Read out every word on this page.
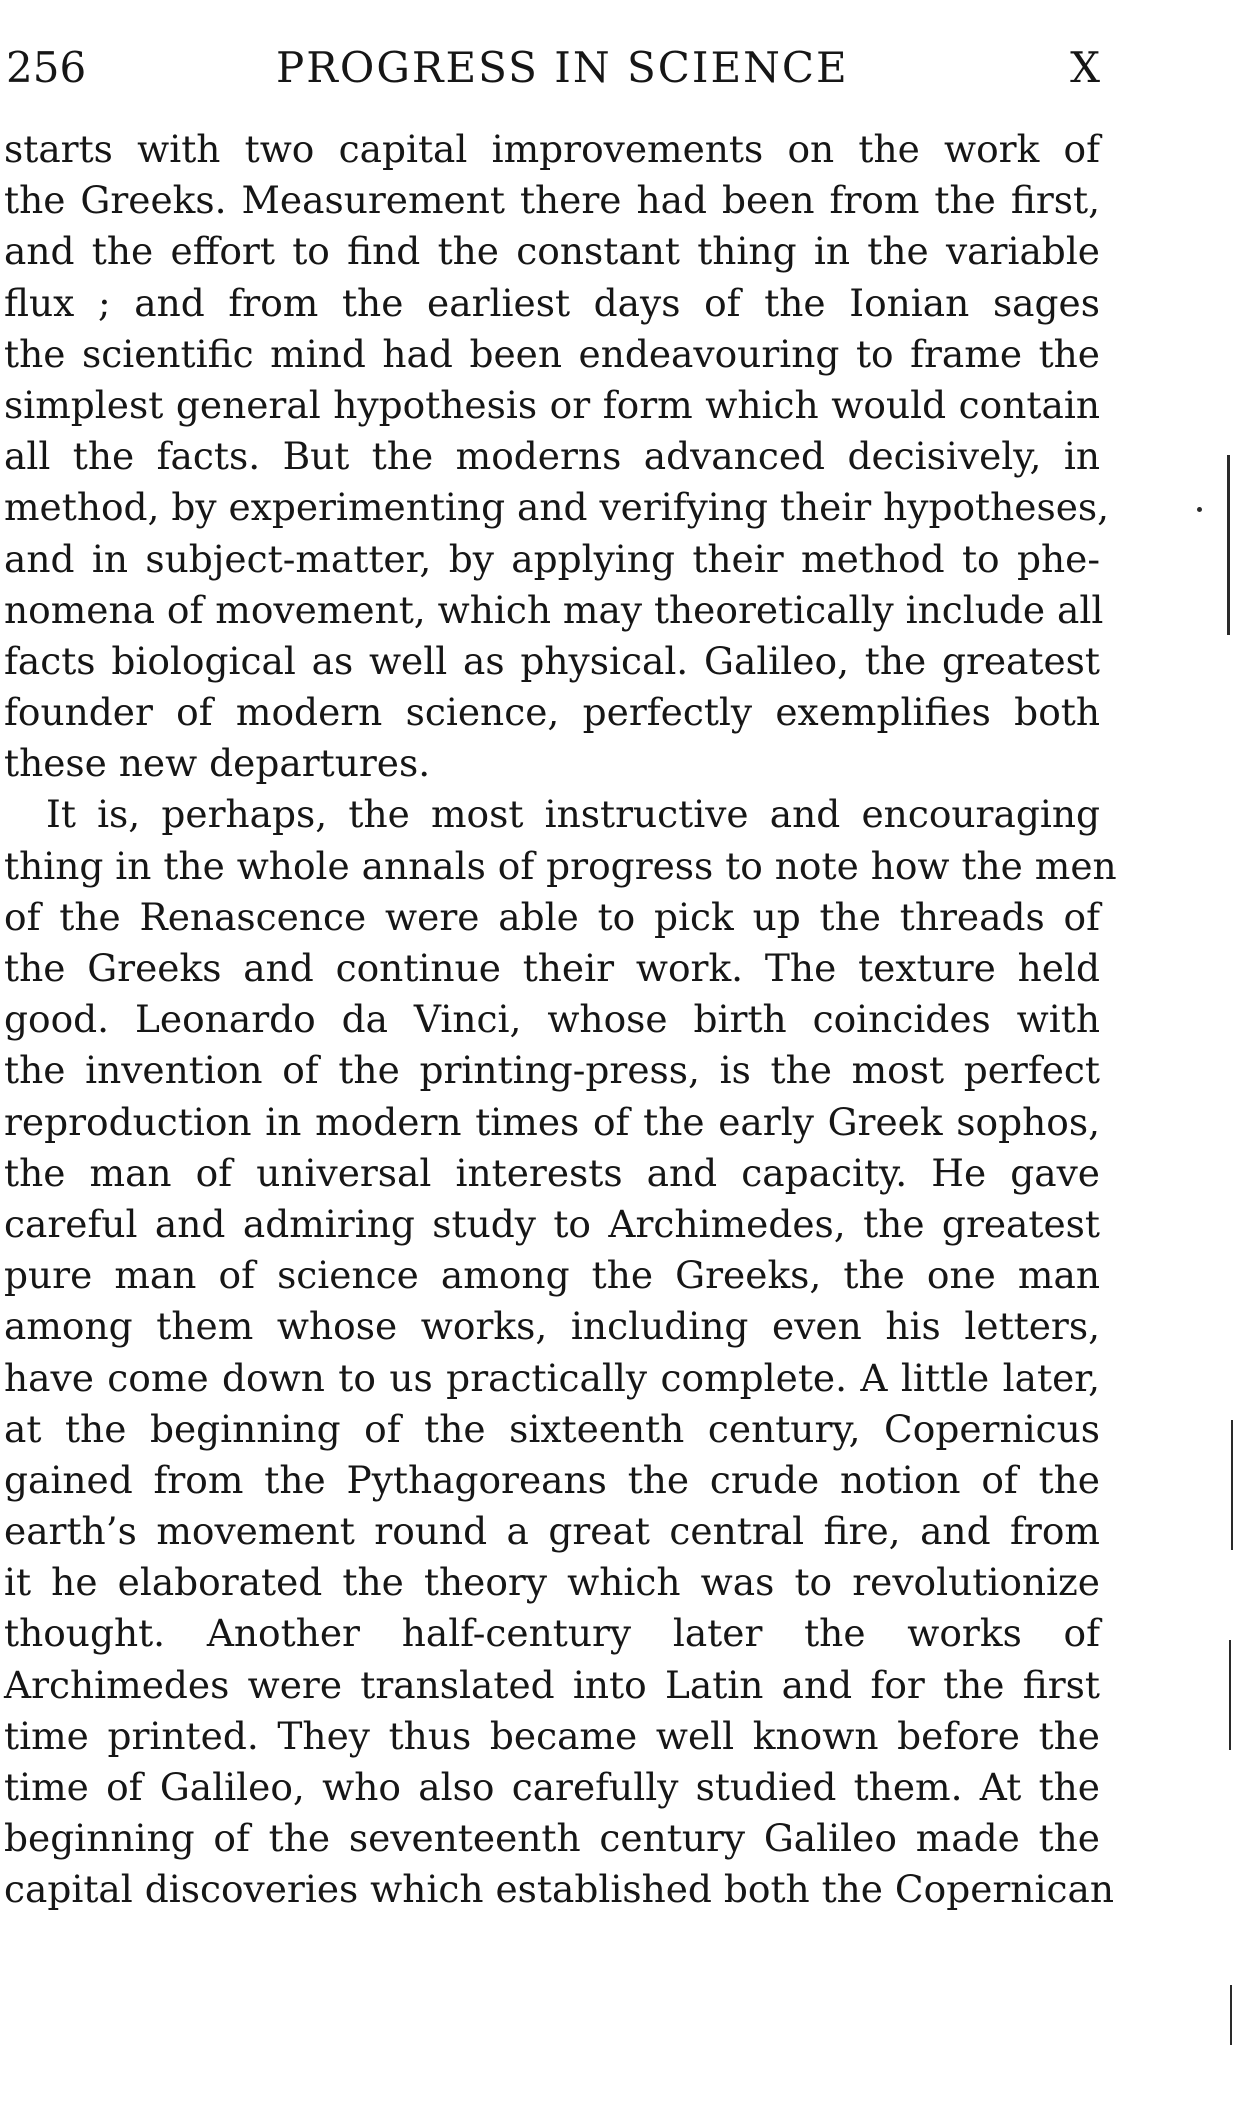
256	PROGRESS IN SCIENCE	X
starts with two capital improvements on the work of
the Greeks. Measurement there had been from the first,
and the effort to find the constant thing in the variable
flux ; and from the earliest days of the Ionian sages
the scientific mind had been endeavouring to frame the
simplest general hypothesis or form which would contain
all the facts. But the moderns advanced decisively, in
method, by experimenting and verifying their hypotheses,
and in subject-matter, by applying their method to phe-
nomena of movement, which may theoretically include all
facts biological as well as physical. Galileo, the greatest
founder of modern science, perfectly exemplifies both
these new departures.
It is, perhaps, the most instructive and encouraging
thing in the whole annals of progress to note how the men
of the Renascence were able to pick up the threads of
the Greeks and continue their work. The texture held
good. Leonardo da Vinci, whose birth coincides with
the invention of the printing-press, is the most perfect
reproduction in modern times of the early Greek sophos,
the man of universal interests and capacity. He gave
careful and admiring study to Archimedes, the greatest
pure man of science among the Greeks, the one man
among them whose works, including even his letters,
have come down to us practically complete. A little later,
at the beginning of the sixteenth century, Copernicus
gained from the Pythagoreans the crude notion of the
earth’s movement round a great central fire, and from
it he elaborated the theory which was to revolutionize
thought. Another half-century later the works of
Archimedes were translated into Latin and for the first
time printed. They thus became well known before the
time of Galileo, who also carefully studied them. At the
beginning of the seventeenth century Galileo made the
capital discoveries which established both the Copernican
